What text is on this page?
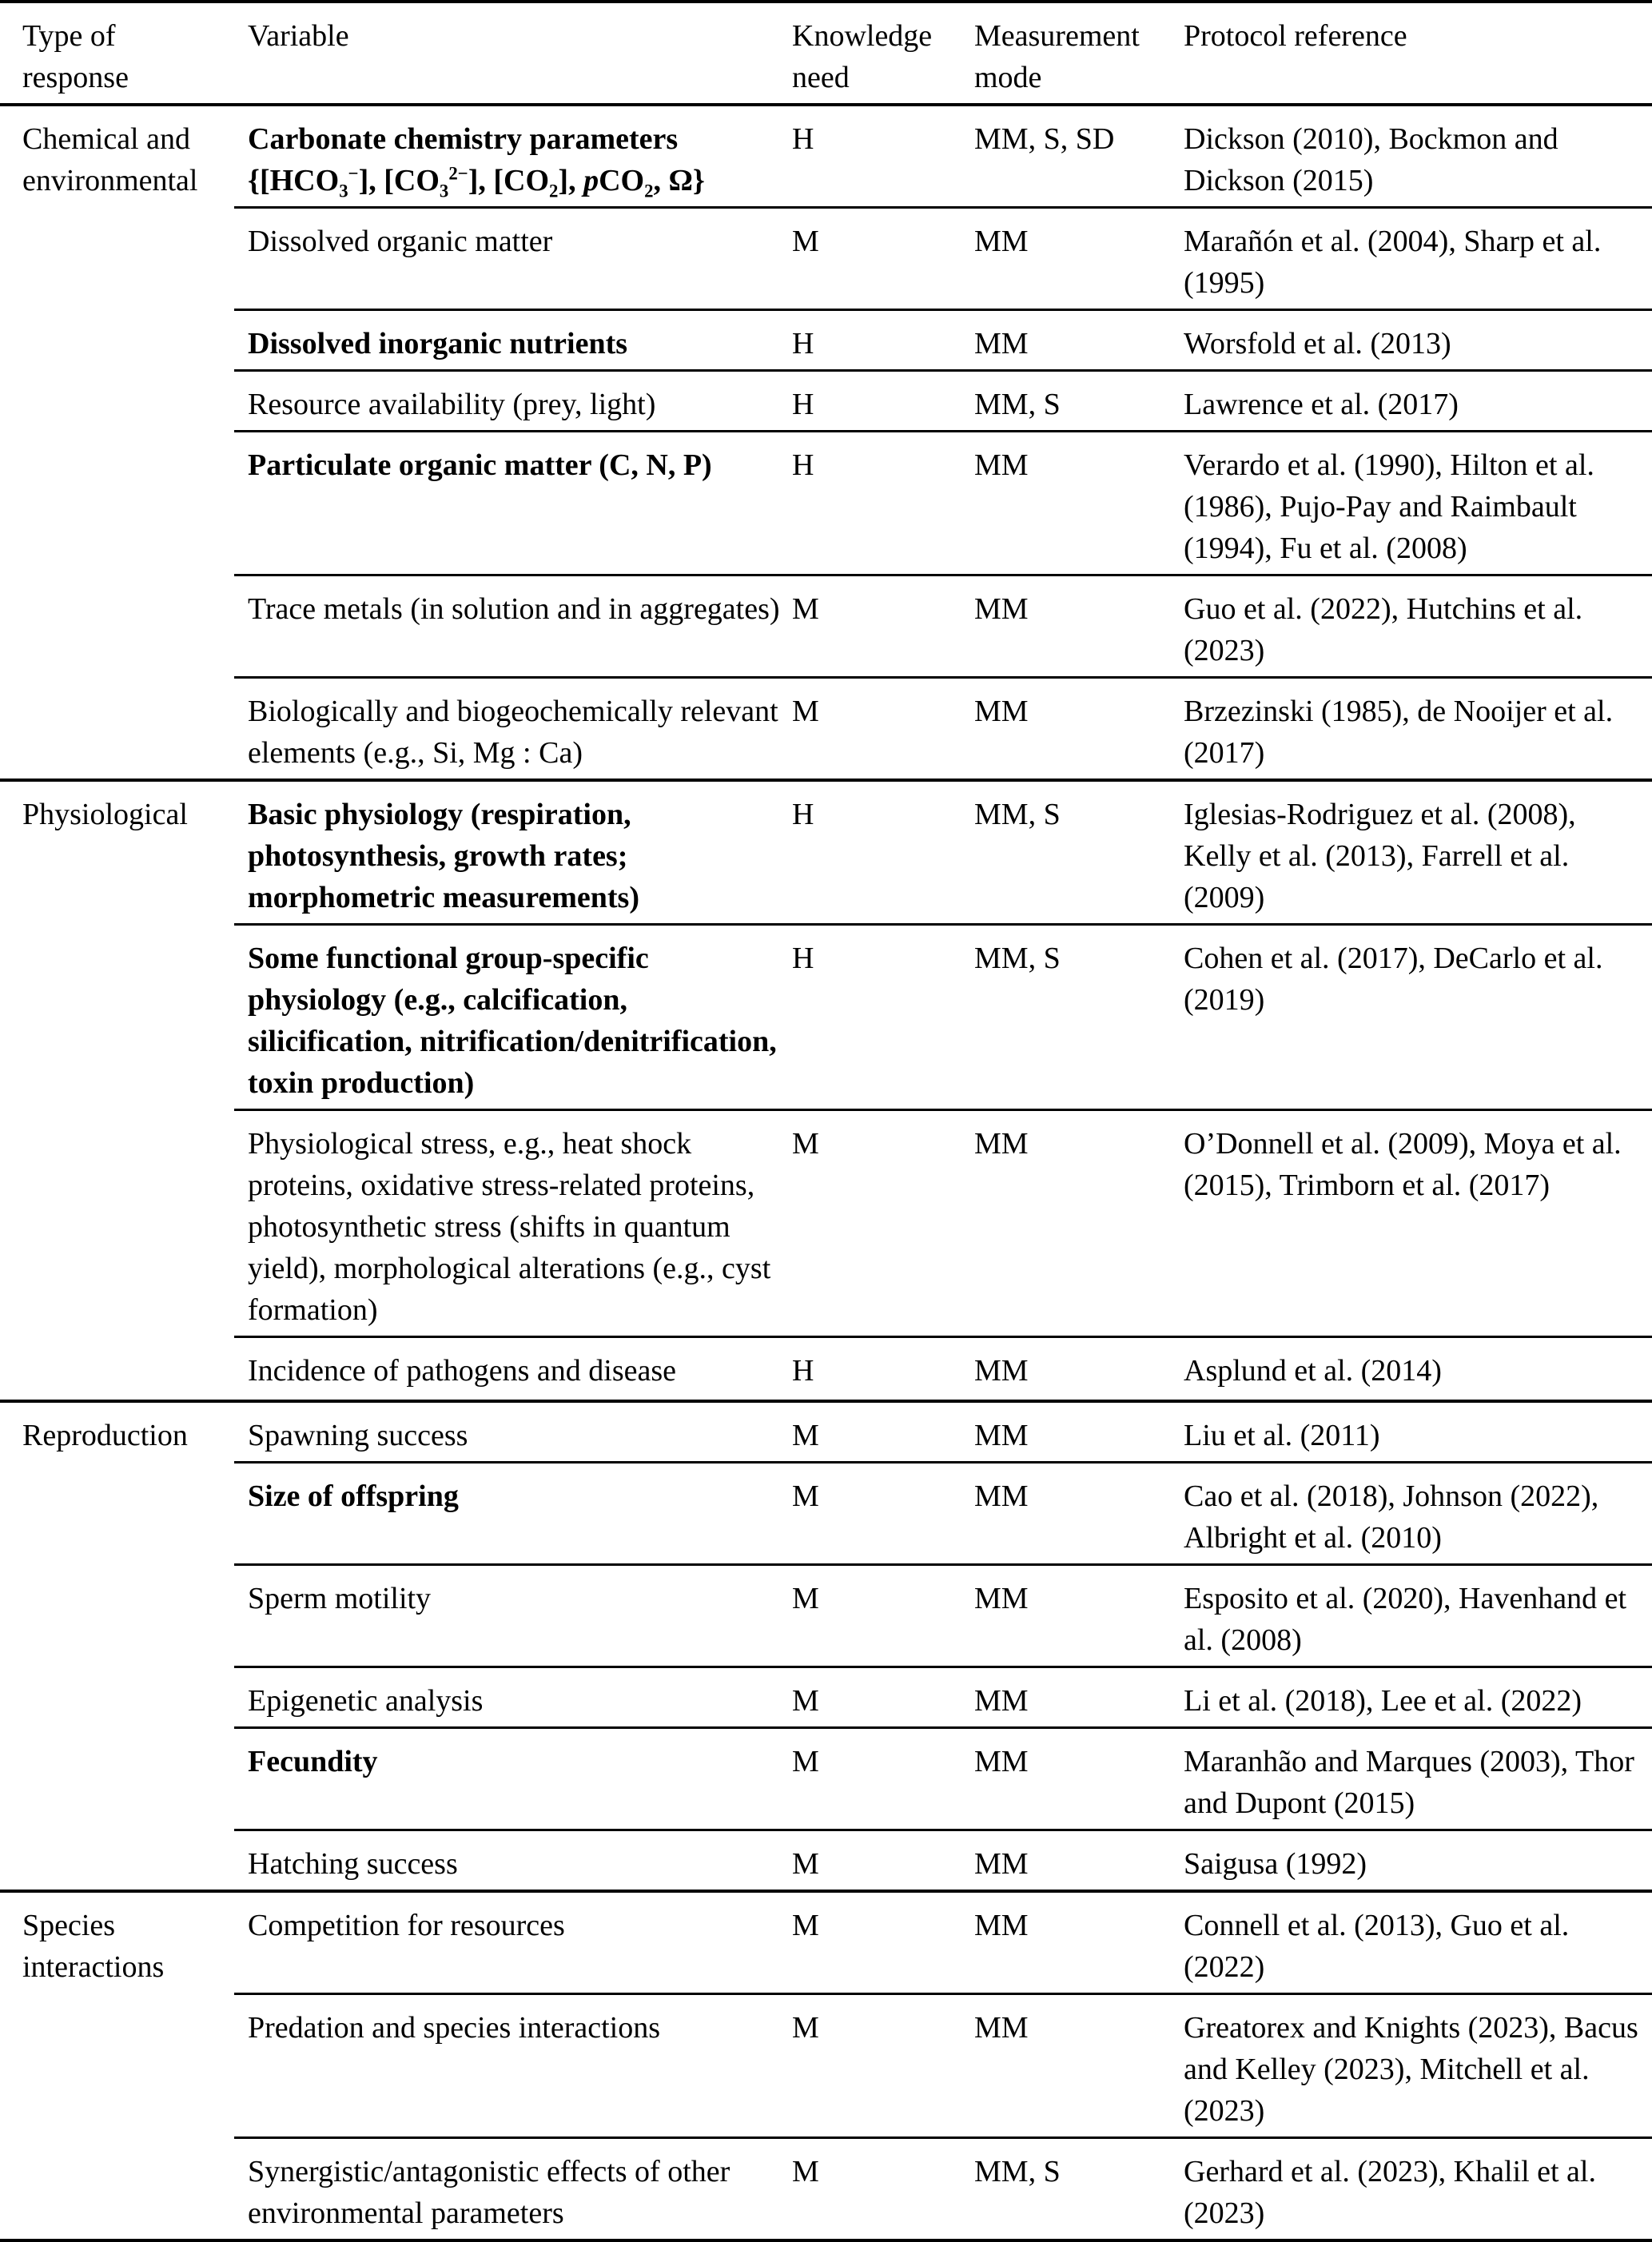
Type of response	Variable	Knowledge need	Measurement mode	Protocol reference
Chemical and environmental	Carbonate chemistry parameters {$[HCO_3^-]$, $[CO_3^{2-}]$, $[CO_2]$, pCO$_2$, Ω}	H	MM, S, SD	Dickson (2010), Bockmon and Dickson (2015)
	Dissolved organic matter	M	MM	Marañón et al. (2004), Sharp et al. (1995)
	Dissolved inorganic nutrients	H	MM	Worsfold et al. (2013)
	Resource availability (prey, light)	H	MM, S	Lawrence et al. (2017)
	Particulate organic matter (C, N, P)	H	MM	Verardo et al. (1990), Hilton et al. (1986), Pujo-Pay and Raimbault (1994), Fu et al. (2008)
	Trace metals (in solution and in aggregates)	M	MM	Guo et al. (2022), Hutchins et al. (2023)
	Biologically and biogeochemically relevant elements (e.g., Si, Mg : Ca)	M	MM	Brzezinski (1985), de Nooijer et al. (2017)
Physiological	Basic physiology (respiration, photosynthesis, growth rates; morphometric measurements)	H	MM, S	Iglesias-Rodriguez et al. (2008), Kelly et al. (2013), Farrell et al. (2009)
	Some functional group-specific physiology (e.g., calcification, silicification, nitrification/denitrification, toxin production)	H	MM, S	Cohen et al. (2017), DeCarlo et al. (2019)
	Physiological stress, e.g., heat shock proteins, oxidative stress-related proteins, photosynthetic stress (shifts in quantum yield), morphological alterations (e.g., cyst formation)	M	MM	O’Donnell et al. (2009), Moya et al. (2015), Trimborn et al. (2017)
	Incidence of pathogens and disease	H	MM	Asplund et al. (2014)
Reproduction	Spawning success	M	MM	Liu et al. (2011)
	Size of offspring	M	MM	Cao et al. (2018), Johnson (2022), Albright et al. (2010)
	Sperm motility	M	MM	Esposito et al. (2020), Havenhand et al. (2008)
	Epigenetic analysis	M	MM	Li et al. (2018), Lee et al. (2022)
	Fecundity	M	MM	Maranhão and Marques (2003), Thor and Dupont (2015)
	Hatching success	M	MM	Saigusa (1992)
Species interactions	Competition for resources	M	MM	Connell et al. (2013), Guo et al. (2022)
	Predation and species interactions	M	MM	Greatorex and Knights (2023), Bacus and Kelley (2023), Mitchell et al. (2023)
	Synergistic/antagonistic effects of other environmental parameters	M	MM, S	Gerhard et al. (2023), Khalil et al. (2023)
